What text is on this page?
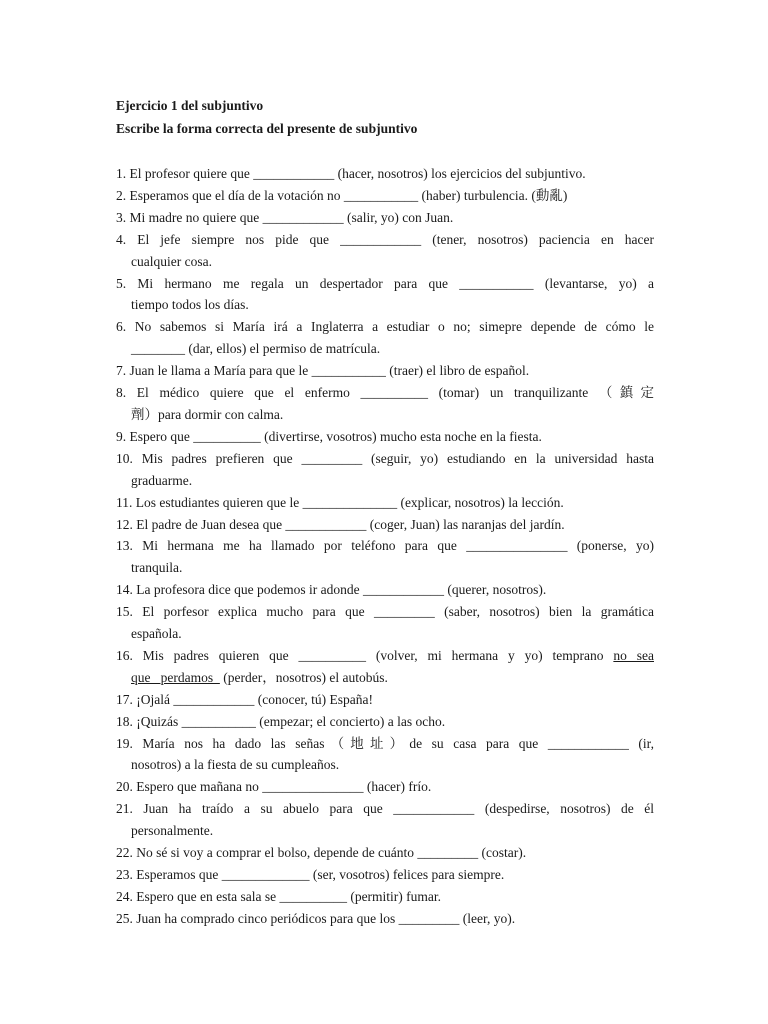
Ejercicio 1 del subjuntivo
Escribe la forma correcta del presente de subjuntivo
1. El profesor quiere que ____________ (hacer, nosotros) los ejercicios del subjuntivo.
2. Esperamos que el día de la votación no ___________ (haber) turbulencia. (動亂)
3. Mi madre no quiere que ____________ (salir, yo) con Juan.
4. El jefe siempre nos pide que ____________ (tener, nosotros) paciencia en hacer
cualquier cosa.
5. Mi hermano me regala un despertador para que ___________ (levantarse, yo) a
tiempo todos los días.
6. No sabemos si María irá a Inglaterra a estudiar o no; simepre depende de cómo le
________ (dar, ellos) el permiso de matrícula.
7. Juan le llama a María para que le ___________ (traer) el libro de español.
8. El médico quiere que el enfermo __________ (tomar) un tranquilizante （鎮定
劑）para dormir con calma.
9. Espero que __________ (divertirse, vosotros) mucho esta noche en la fiesta.
10. Mis padres prefieren que _________ (seguir, yo) estudiando en la universidad hasta
graduarme.
11. Los estudiantes quieren que le ______________ (explicar, nosotros) la lección.
12. El padre de Juan desea que ____________ (coger, Juan) las naranjas del jardín.
13. Mi hermana me ha llamado por teléfono para que _______________ (ponerse, yo)
tranquila.
14. La profesora dice que podemos ir adonde ____________ (querer, nosotros).
15. El porfesor explica mucho para que _________ (saber, nosotros) bien la gramática
española.
16. Mis padres quieren que __________ (volver, mi hermana y yo) temprano no sea
que   perdamos   (perder，nosotros) el autobús.
17. ¡Ojalá ____________ (conocer, tú) España!
18. ¡Quizás ___________ (empezar; el concierto) a las ocho.
19. María nos ha dado las señas（地址）de su casa para que ____________ (ir,
nosotros) a la fiesta de su cumpleaños.
20. Espero que mañana no _______________ (hacer) frío.
21. Juan ha traído a su abuelo para que ____________ (despedirse, nosotros) de él
personalmente.
22. No sé si voy a comprar el bolso, depende de cuánto _________ (costar).
23. Esperamos que _____________ (ser, vosotros) felices para siempre.
24. Espero que en esta sala se __________ (permitir) fumar.
25. Juan ha comprado cinco periódicos para que los _________ (leer, yo).
